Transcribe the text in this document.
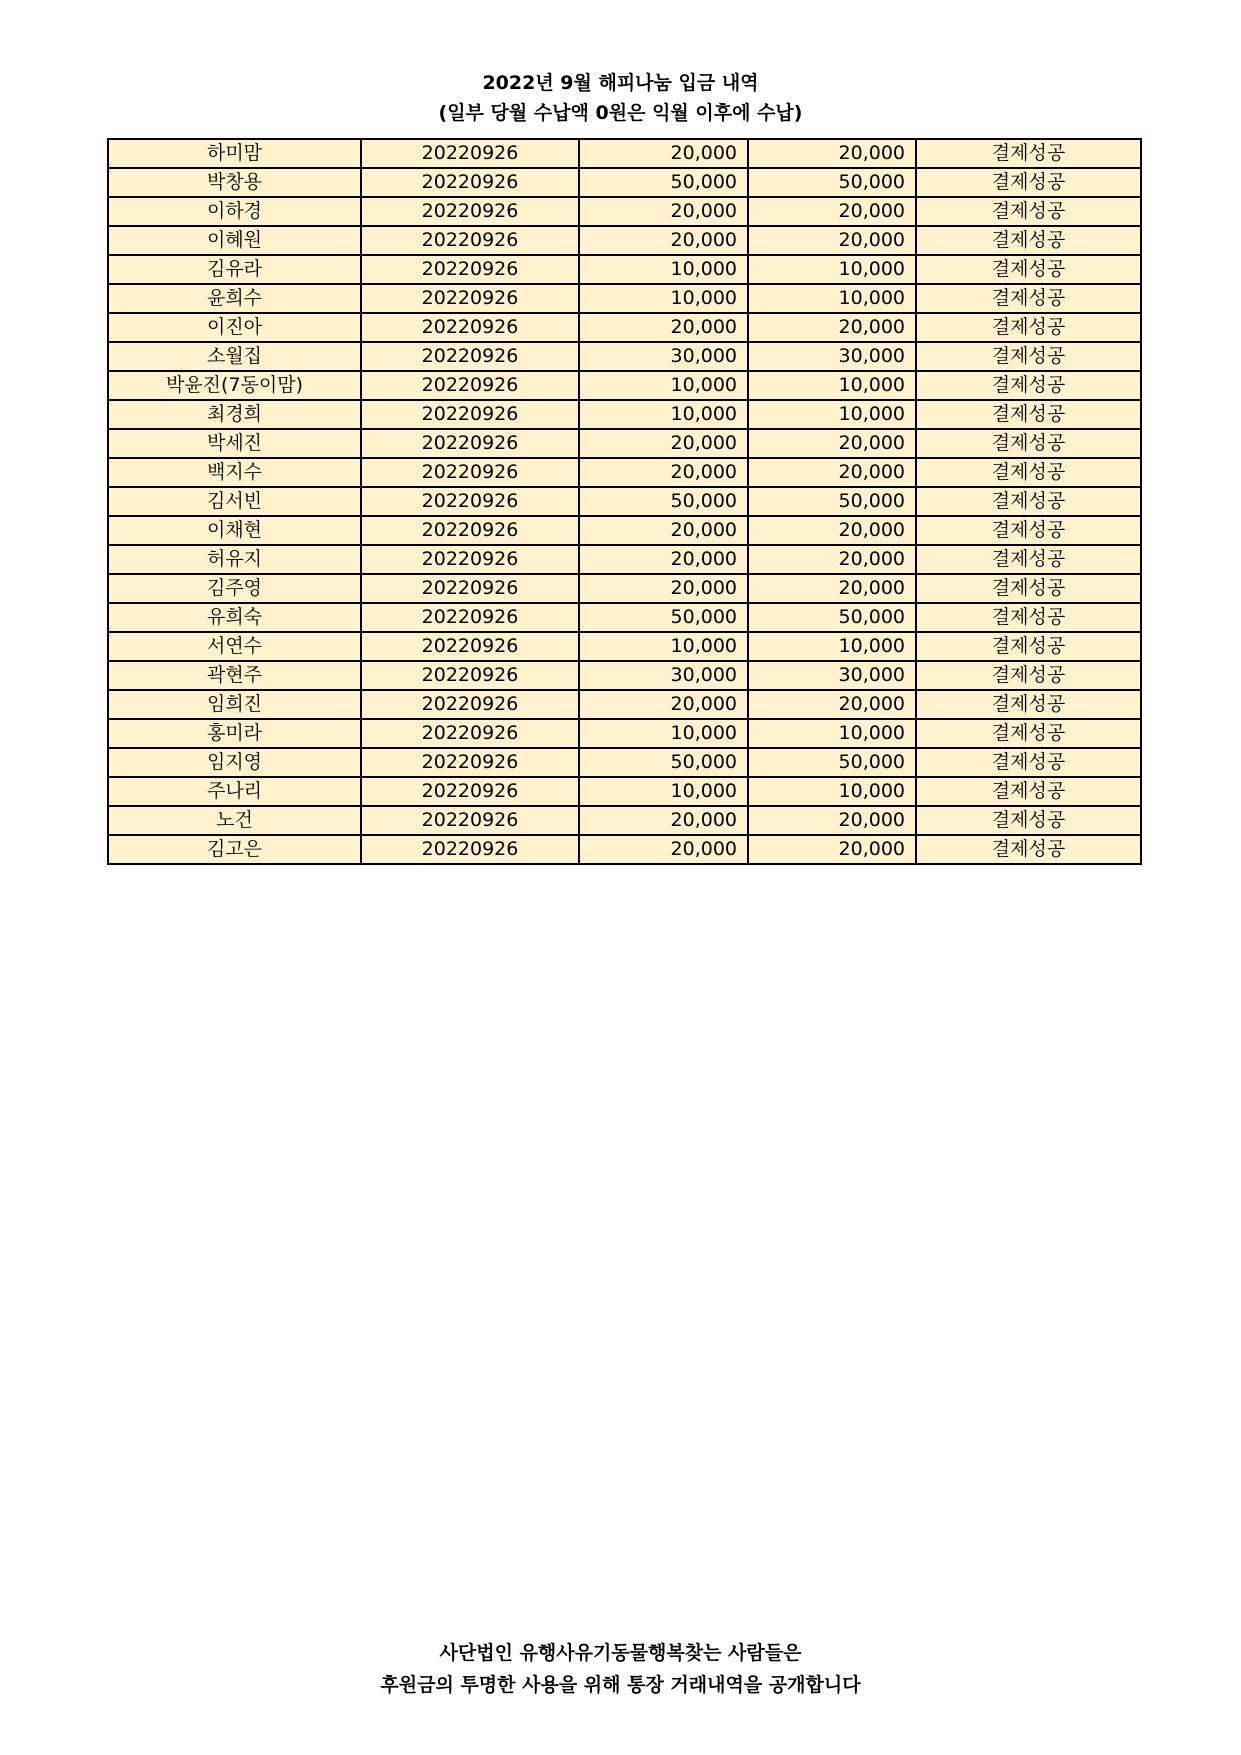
2022년 9월 해피나눔 입금 내역
(일부 당월 수납액 0원은 익월 이후에 수납)
하미맘	20220926	20,000	20,000	결제성공
박창용	20220926	50,000	50,000	결제성공
이하경	20220926	20,000	20,000	결제성공
이혜원	20220926	20,000	20,000	결제성공
김유라	20220926	10,000	10,000	결제성공
윤희수	20220926	10,000	10,000	결제성공
이진아	20220926	20,000	20,000	결제성공
소월집	20220926	30,000	30,000	결제성공
박윤진(7동이맘)	20220926	10,000	10,000	결제성공
최경희	20220926	10,000	10,000	결제성공
박세진	20220926	20,000	20,000	결제성공
백지수	20220926	20,000	20,000	결제성공
김서빈	20220926	50,000	50,000	결제성공
이채현	20220926	20,000	20,000	결제성공
허유지	20220926	20,000	20,000	결제성공
김주영	20220926	20,000	20,000	결제성공
유희숙	20220926	50,000	50,000	결제성공
서연수	20220926	10,000	10,000	결제성공
곽현주	20220926	30,000	30,000	결제성공
임희진	20220926	20,000	20,000	결제성공
홍미라	20220926	10,000	10,000	결제성공
임지영	20220926	50,000	50,000	결제성공
주나리	20220926	10,000	10,000	결제성공
노건	20220926	20,000	20,000	결제성공
김고은	20220926	20,000	20,000	결제성공
사단법인 유행사유기동물행복찾는 사람들은
후원금의 투명한 사용을 위해 통장 거래내역을 공개합니다
